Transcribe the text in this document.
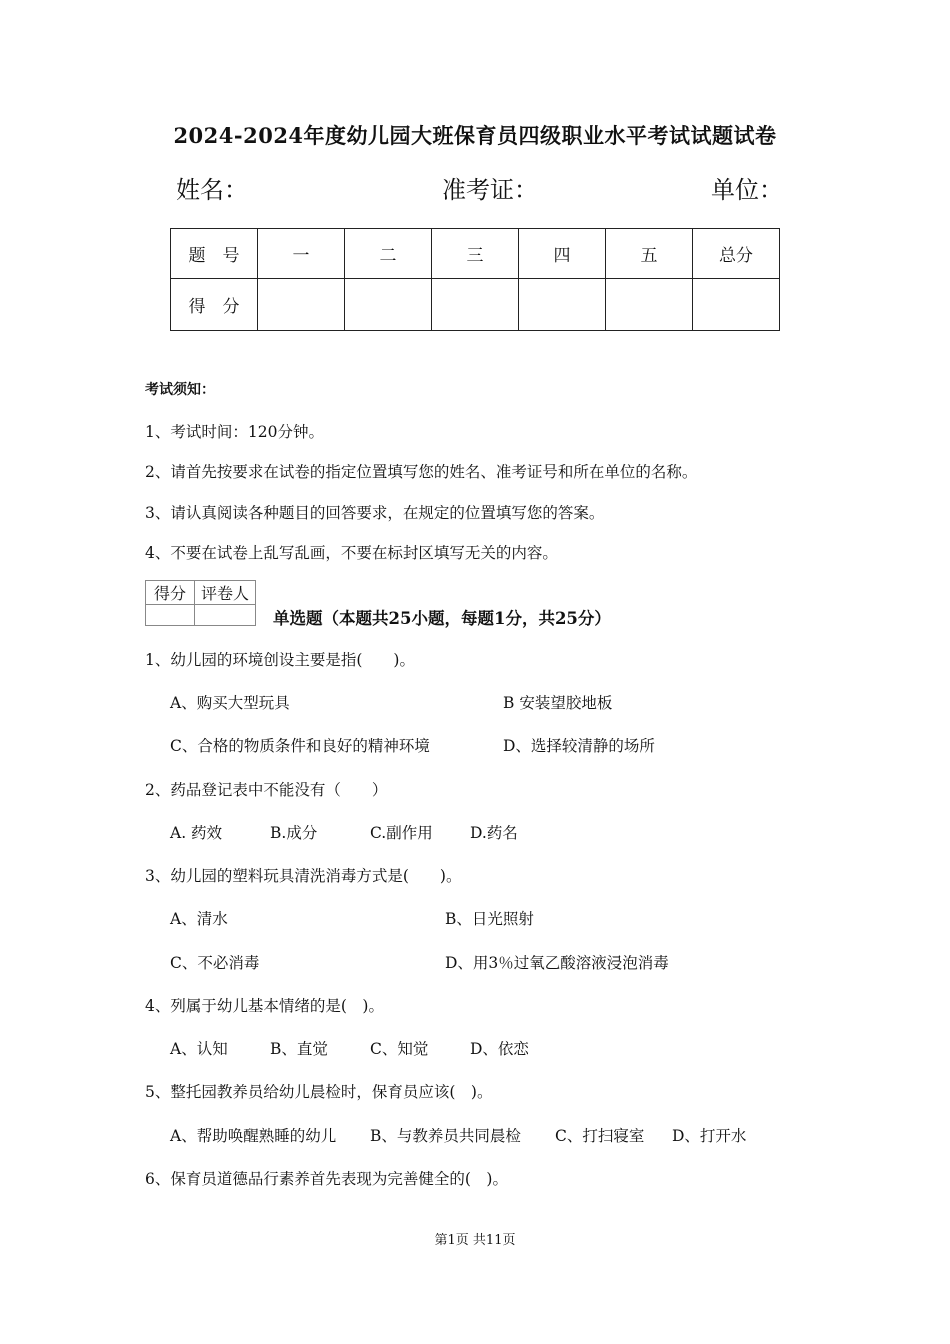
2024-2024年度幼儿园大班保育员四级职业水平考试试题试卷
姓名：	准考证：	单位：
题　号	一	二	三	四	五	总分
得　分						
考试须知：
1、考试时间：120分钟。
2、请首先按要求在试卷的指定位置填写您的姓名、准考证号和所在单位的名称。
3、请认真阅读各种题目的回答要求，在规定的位置填写您的答案。
4、不要在试卷上乱写乱画，不要在标封区填写无关的内容。
得分	评卷人

单选题（本题共25小题，每题1分，共25分）
1、幼儿园的环境创设主要是指(　　)。
A、购买大型玩具	B 安装望胶地板
C、合格的物质条件和良好的精神环境	D、选择较清静的场所
2、药品登记表中不能没有（　　）
A. 药效	B.成分	C.副作用 D.药名
3、幼儿园的塑料玩具清洗消毒方式是(　　)。
A、清水	B、日光照射
C、不必消毒	D、用3％过氧乙酸溶液浸泡消毒
4、列属于幼儿基本情绪的是(　)。
A、认知	B、直觉	C、知觉	D、依恋
5、整托园教养员给幼儿晨检时，保育员应该(　)。
A、帮助唤醒熟睡的幼儿 B、与教养员共同晨检 C、打扫寝室 D、打开水
6、保育员道德品行素养首先表现为完善健全的(　)。
第1页 共11页
